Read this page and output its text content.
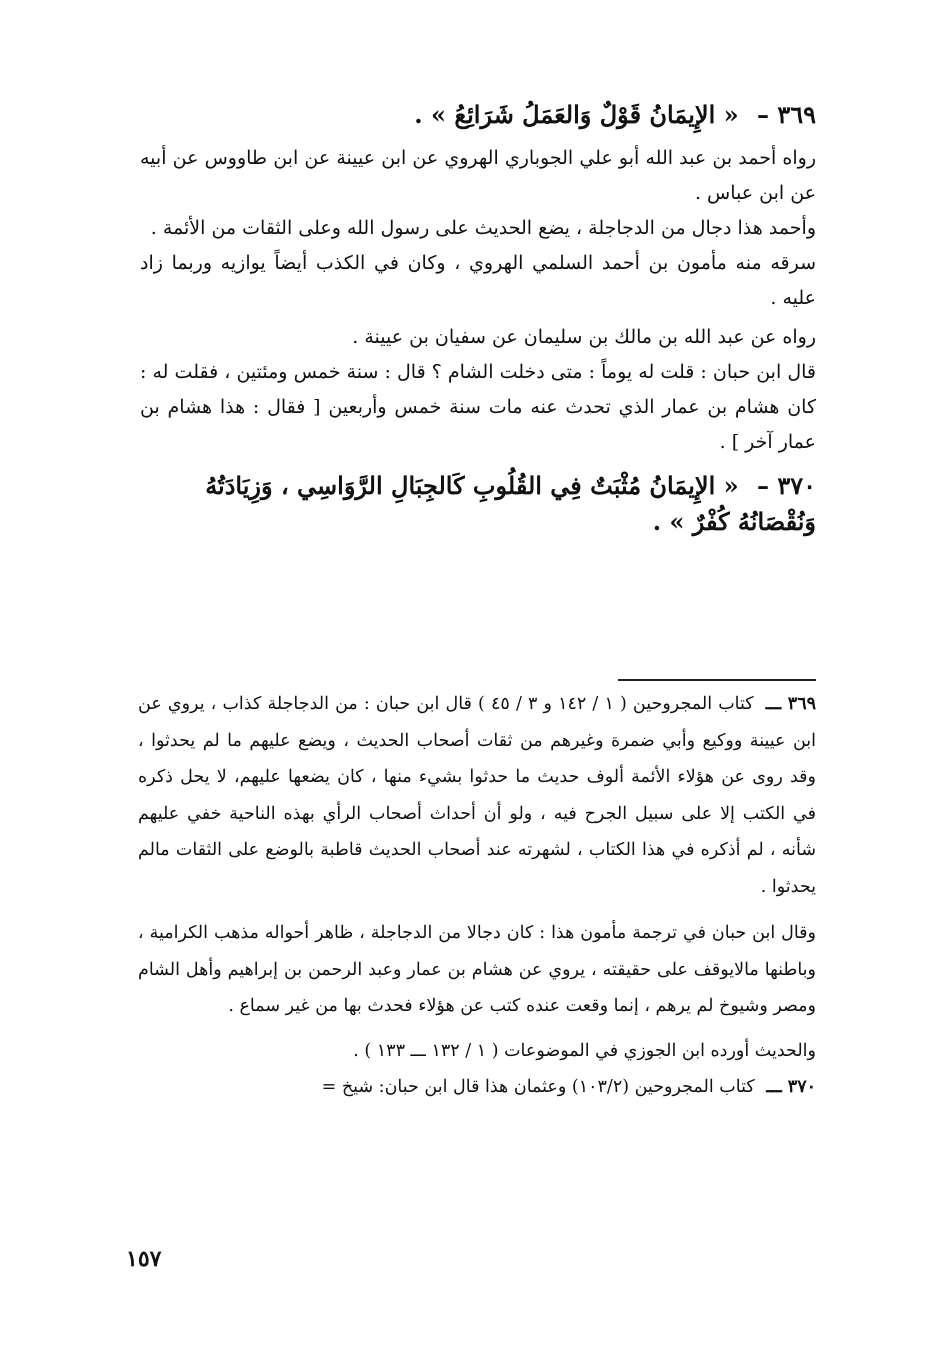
٣٦٩ – « الإِيمَانُ قَوْلٌ وَالعَمَلُ شَرَائِعُ » .

رواه أحمد بن عبد الله أبو علي الجوباري الهروي عن ابن عيينة عن ابن طاووس عن أبيه عن ابن عباس .

وأحمد هذا دجال من الدجاجلة ، يضع الحديث على رسول الله وعلى الثقات من الأئمة .

سرقه منه مأمون بن أحمد السلمي الهروي ، وكان في الكذب أيضاً يوازيه وربما زاد عليه .

رواه عن عبد الله بن مالك بن سليمان عن سفيان بن عيينة .

قال ابن حبان : قلت له يوماً : متى دخلت الشام ؟ قال : سنة خمس ومئتين ، فقلت له : كان هشام بن عمار الذي تحدث عنه مات سنة خمس وأربعين [ فقال : هذا هشام بن عمار آخر ] .

٣٧٠ – « الإِيمَانُ مُثْبَتٌ فِي القُلُوبِ كَالجِبَالِ الرَّوَاسِي ، وَزِيَادَتُهُ وَنُقْصَانُهُ كُفْرٌ » .

٣٦٩ ـــ كتاب المجروحين ( ١ / ١٤٢ و ٣ / ٤٥ ) قال ابن حبان : من الدجاجلة كذاب ، يروي عن ابن عيينة ووكيع وأبي ضمرة وغيرهم من ثقات أصحاب الحديث ، ويضع عليهم ما لم يحدثوا ، وقد روى عن هؤلاء الأئمة ألوف حديث ما حدثوا بشيء منها ، كان يضعها عليهم، لا يحل ذكره في الكتب إلا على سبيل الجرح فيه ، ولو أن أحداث أصحاب الرأي بهذه الناحية خفي عليهم شأنه ، لم أذكره في هذا الكتاب ، لشهرته عند أصحاب الحديث قاطبة بالوضع على الثقات مالم يحدثوا .

وقال ابن حبان في ترجمة مأمون هذا : كان دجالا من الدجاجلة ، ظاهر أحواله مذهب الكرامية ، وباطنها مالايوقف على حقيقته ، يروي عن هشام بن عمار وعبد الرحمن بن إبراهيم وأهل الشام ومصر وشيوخ لم يرهم ، إنما وقعت عنده كتب عن هؤلاء فحدث بها من غير سماع .

والحديث أورده ابن الجوزي في الموضوعات ( ١ / ١٣٢ ـــ ١٣٣ ) .

٣٧٠ ـــ كتاب المجروحين (١٠٣/٢) وعثمان هذا قال ابن حبان: شيخ =

١٥٧
